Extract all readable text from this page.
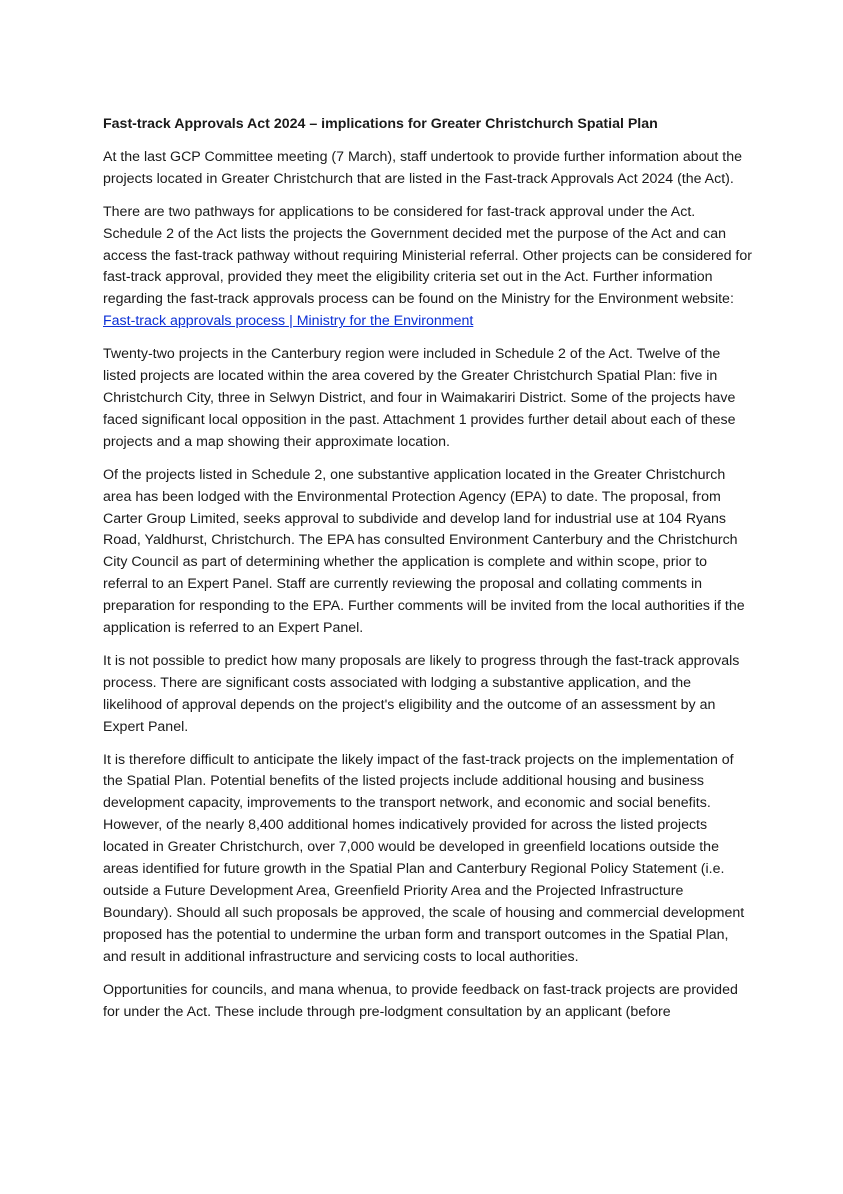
Fast-track Approvals Act 2024 – implications for Greater Christchurch Spatial Plan

At the last GCP Committee meeting (7 March), staff undertook to provide further information about the projects located in Greater Christchurch that are listed in the Fast-track Approvals Act 2024 (the Act).

There are two pathways for applications to be considered for fast-track approval under the Act. Schedule 2 of the Act lists the projects the Government decided met the purpose of the Act and can access the fast-track pathway without requiring Ministerial referral. Other projects can be considered for fast-track approval, provided they meet the eligibility criteria set out in the Act. Further information regarding the fast-track approvals process can be found on the Ministry for the Environment website: Fast-track approvals process | Ministry for the Environment

Twenty-two projects in the Canterbury region were included in Schedule 2 of the Act. Twelve of the listed projects are located within the area covered by the Greater Christchurch Spatial Plan: five in Christchurch City, three in Selwyn District, and four in Waimakariri District. Some of the projects have faced significant local opposition in the past. Attachment 1 provides further detail about each of these projects and a map showing their approximate location.

Of the projects listed in Schedule 2, one substantive application located in the Greater Christchurch area has been lodged with the Environmental Protection Agency (EPA) to date. The proposal, from Carter Group Limited, seeks approval to subdivide and develop land for industrial use at 104 Ryans Road, Yaldhurst, Christchurch. The EPA has consulted Environment Canterbury and the Christchurch City Council as part of determining whether the application is complete and within scope, prior to referral to an Expert Panel. Staff are currently reviewing the proposal and collating comments in preparation for responding to the EPA. Further comments will be invited from the local authorities if the application is referred to an Expert Panel.

It is not possible to predict how many proposals are likely to progress through the fast-track approvals process. There are significant costs associated with lodging a substantive application, and the likelihood of approval depends on the project's eligibility and the outcome of an assessment by an Expert Panel.

It is therefore difficult to anticipate the likely impact of the fast-track projects on the implementation of the Spatial Plan. Potential benefits of the listed projects include additional housing and business development capacity, improvements to the transport network, and economic and social benefits. However, of the nearly 8,400 additional homes indicatively provided for across the listed projects located in Greater Christchurch, over 7,000 would be developed in greenfield locations outside the areas identified for future growth in the Spatial Plan and Canterbury Regional Policy Statement (i.e. outside a Future Development Area, Greenfield Priority Area and the Projected Infrastructure Boundary). Should all such proposals be approved, the scale of housing and commercial development proposed has the potential to undermine the urban form and transport outcomes in the Spatial Plan, and result in additional infrastructure and servicing costs to local authorities.

Opportunities for councils, and mana whenua, to provide feedback on fast-track projects are provided for under the Act. These include through pre-lodgment consultation by an applicant (before
